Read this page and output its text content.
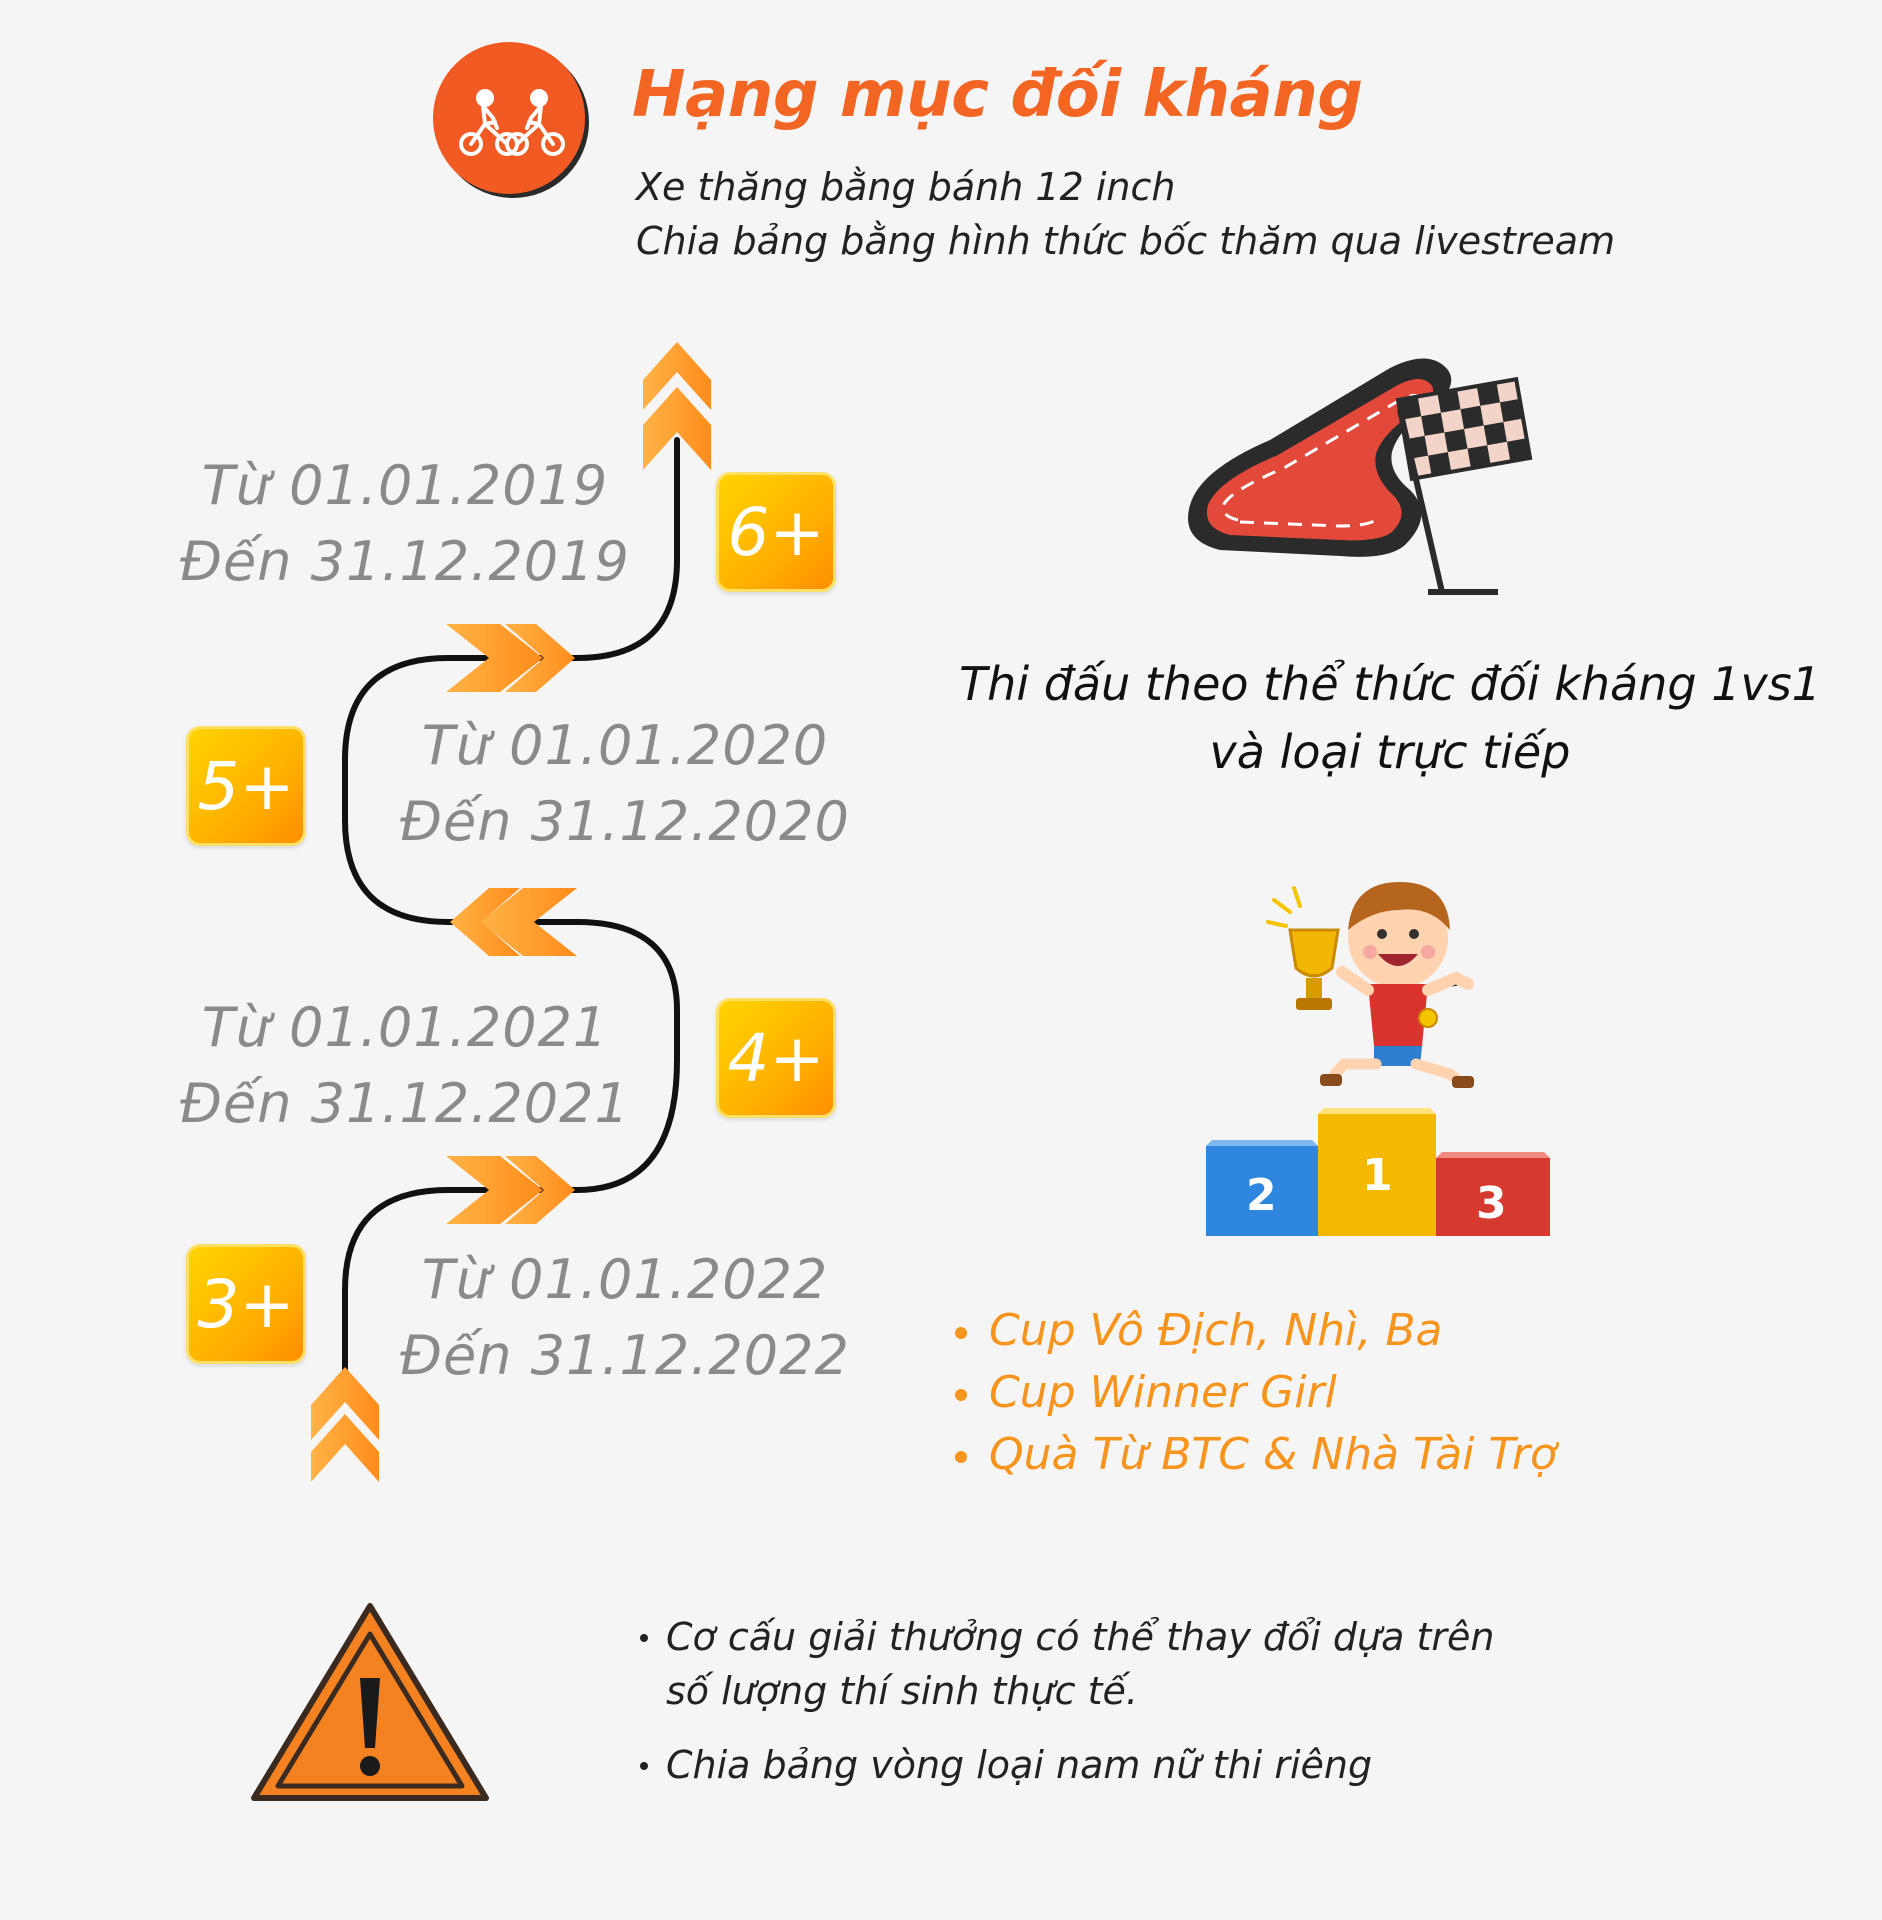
Hạng mục đối kháng
Xe thăng bằng bánh 12 inch
Chia bảng bằng hình thức bốc thăm qua livestream
Từ 01.01.2019
Đến 31.12.2019
Từ 01.01.2020
Đến 31.12.2020
Từ 01.01.2021
Đến 31.12.2021
Từ 01.01.2022
Đến 31.12.2022
6+
5+
4+
3+
Thi đấu theo thể thức đối kháng 1vs1
và loại trực tiếp
2 1
3
Cup Vô Địch, Nhì, Ba
Cup Winner Girl
Quà Từ BTC & Nhà Tài Trợ
Cơ cấu giải thưởng có thể thay đổi dựa trên số lượng thí sinh thực tế.
Chia bảng vòng loại nam nữ thi riêng
